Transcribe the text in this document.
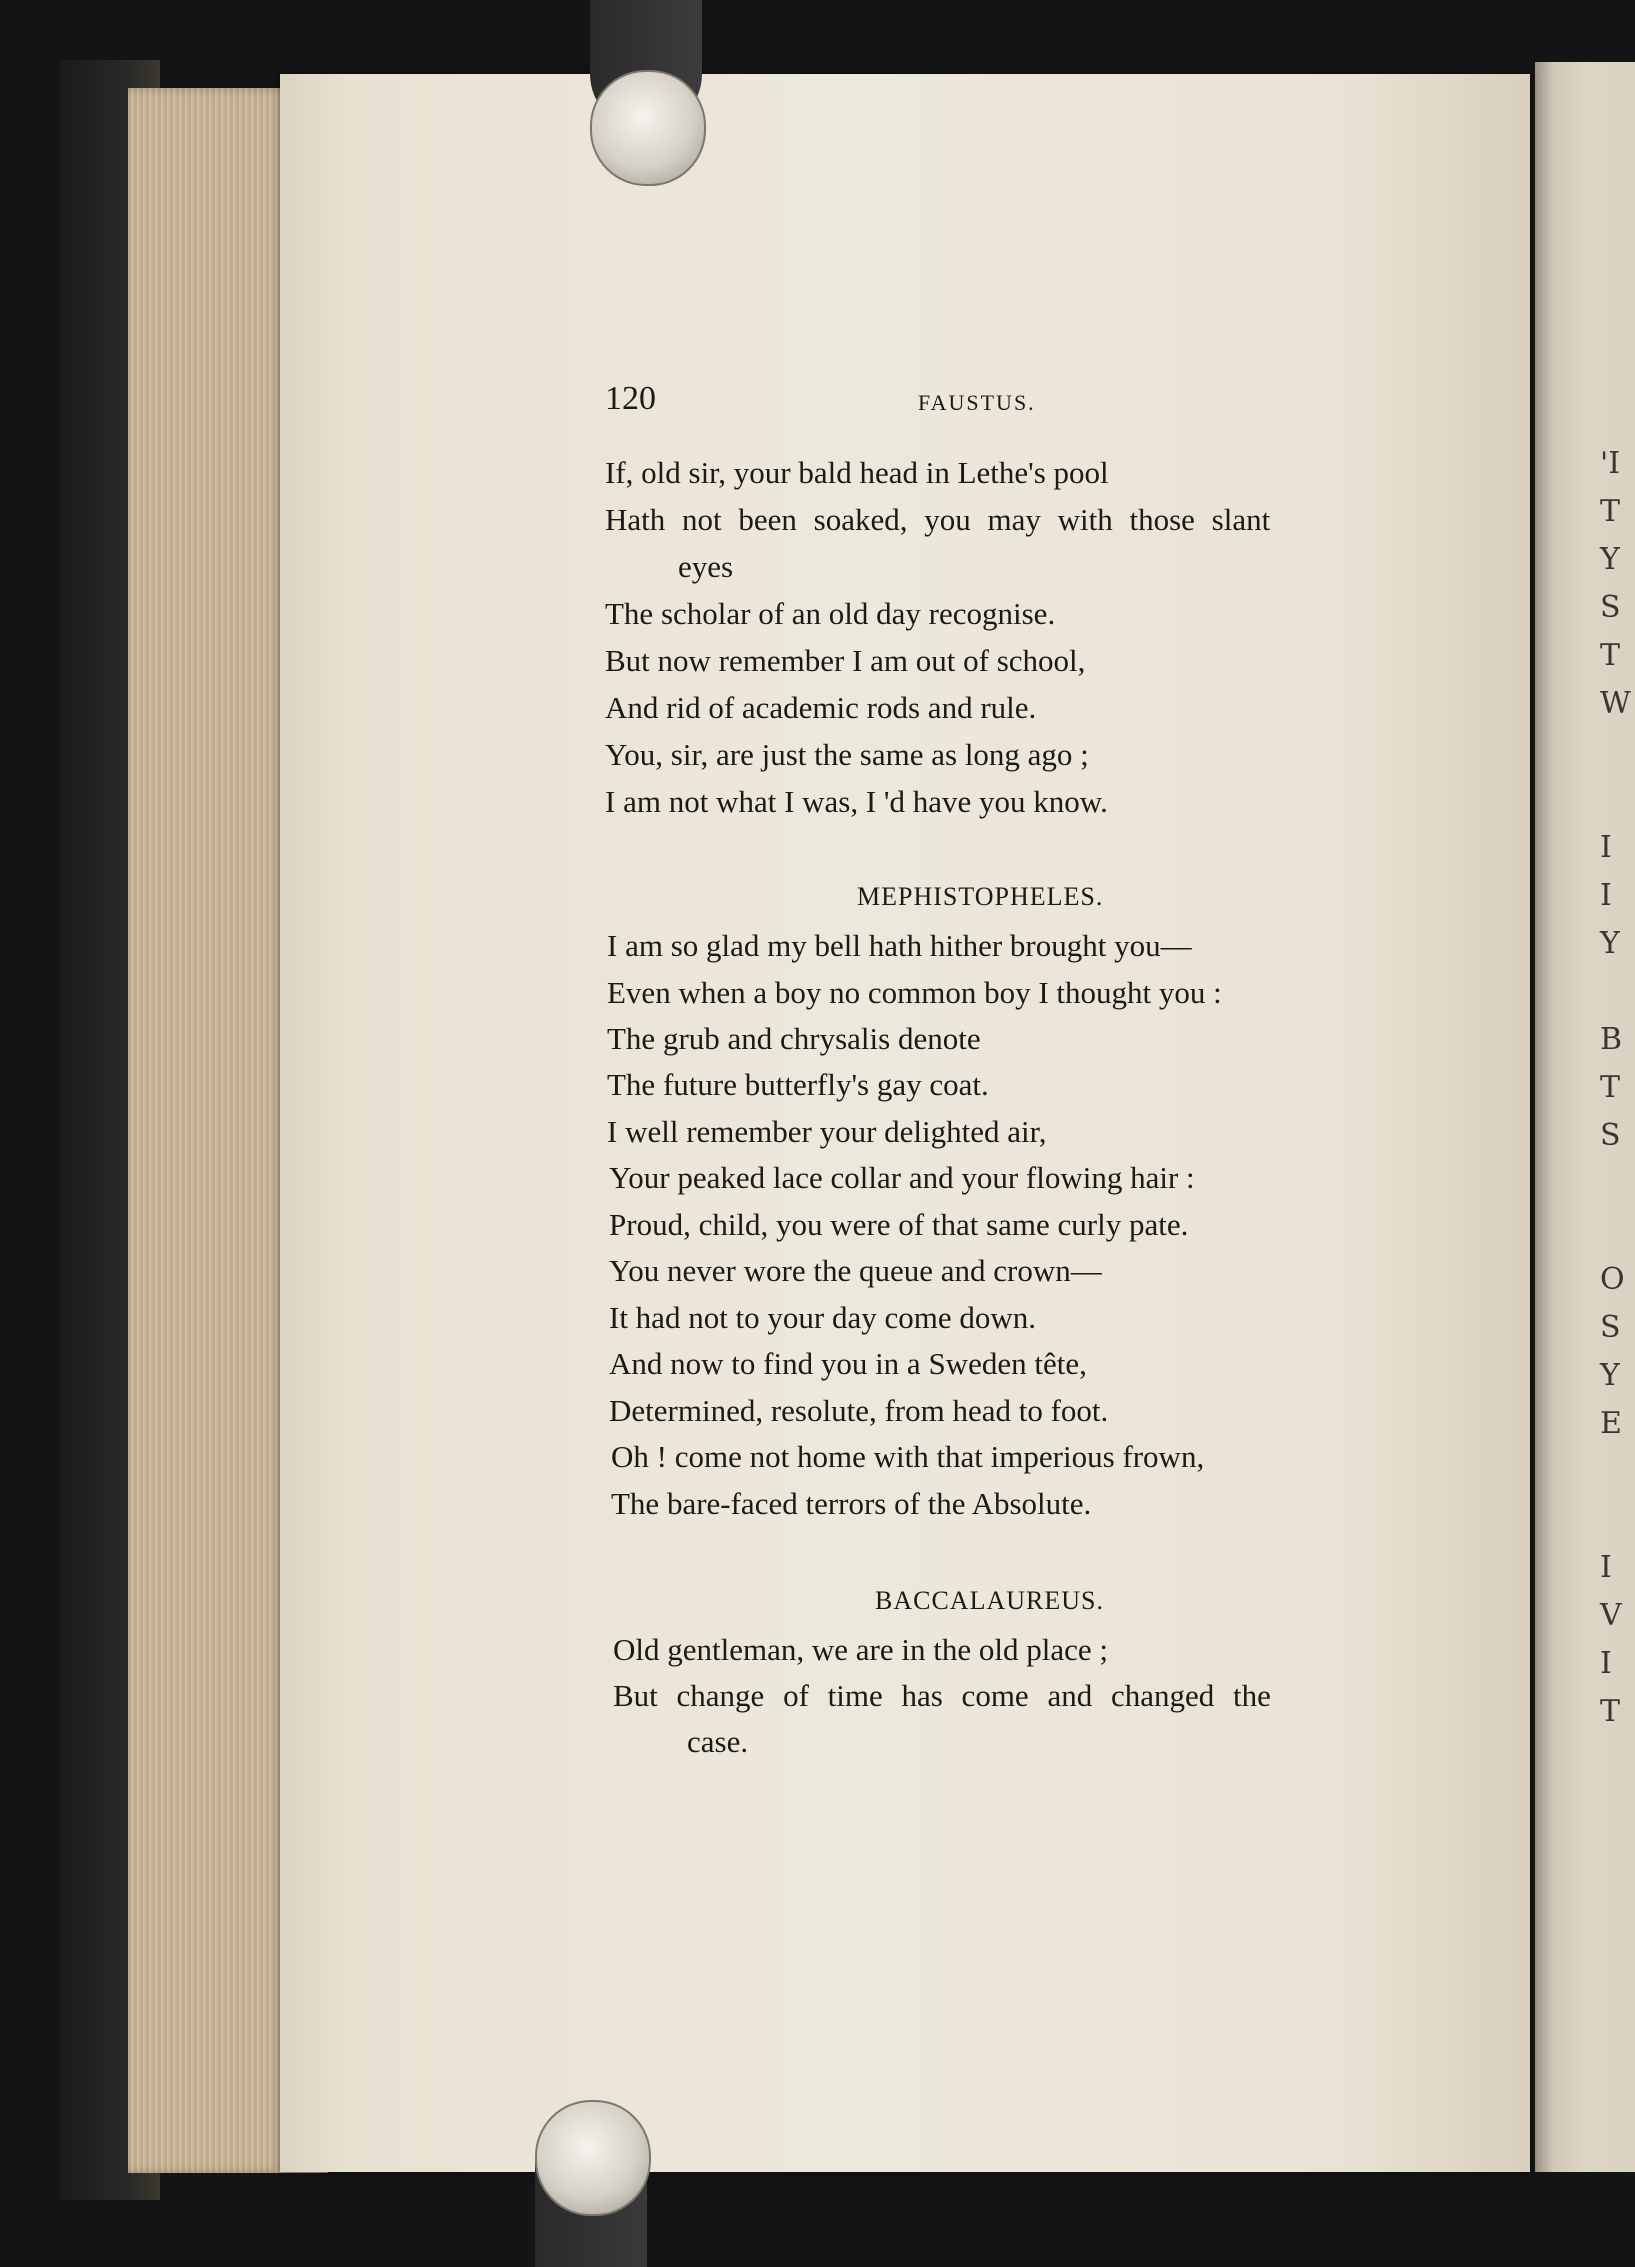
120	FAUSTUS.
If, old sir, your bald head in Lethe's pool
Hath not been soaked, you may with those slant
eyes
The scholar of an old day recognise.
But now remember I am out of school,
And rid of academic rods and rule.
You, sir, are just the same as long ago ;
I am not what I was, I 'd have you know.
MEPHISTOPHELES.
I am so glad my bell hath hither brought you—
Even when a boy no common boy I thought you :
The grub and chrysalis denote
The future butterfly's gay coat.
I well remember your delighted air,
Your peaked lace collar and your flowing hair :
Proud, child, you were of that same curly pate.
You never wore the queue and crown—
It had not to your day come down.
And now to find you in a Sweden tête,
Determined, resolute, from head to foot.
Oh ! come not home with that imperious frown,
The bare-faced terrors of the Absolute.
BACCALAUREUS.
Old gentleman, we are in the old place ;
But change of time has come and changed the
case.
'I
T
Y
S
T
W
I
I
Y
B
T
S
O
S
Y
E
I
V
I
T
